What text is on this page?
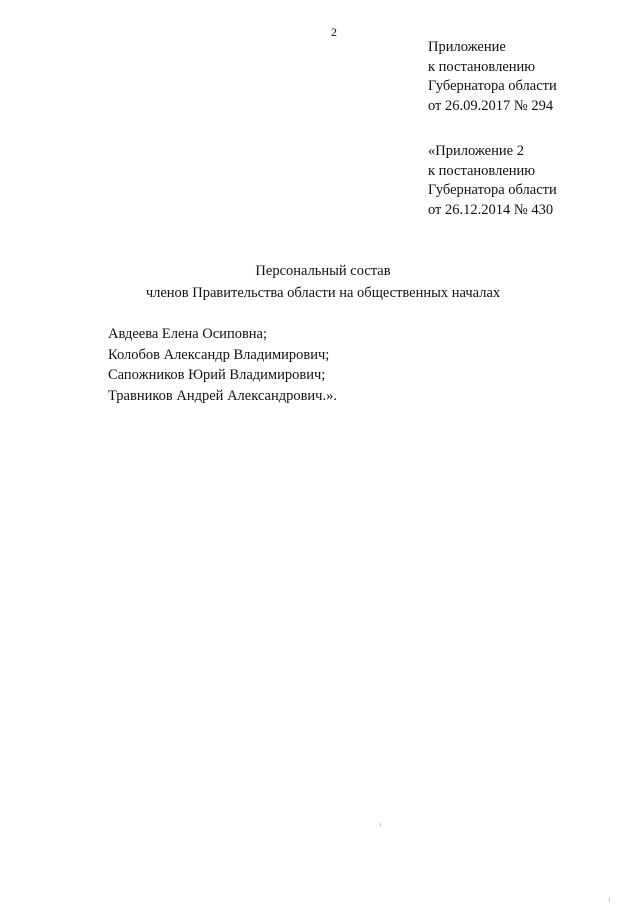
2
Приложение
к постановлению
Губернатора области
от 26.09.2017 № 294
«Приложение 2
к постановлению
Губернатора области
от 26.12.2014 № 430
Персональный состав
членов Правительства области на общественных началах
Авдеева Елена Осиповна;
Колобов Александр Владимирович;
Сапожников Юрий Владимирович;
Травников Андрей Александрович.».
